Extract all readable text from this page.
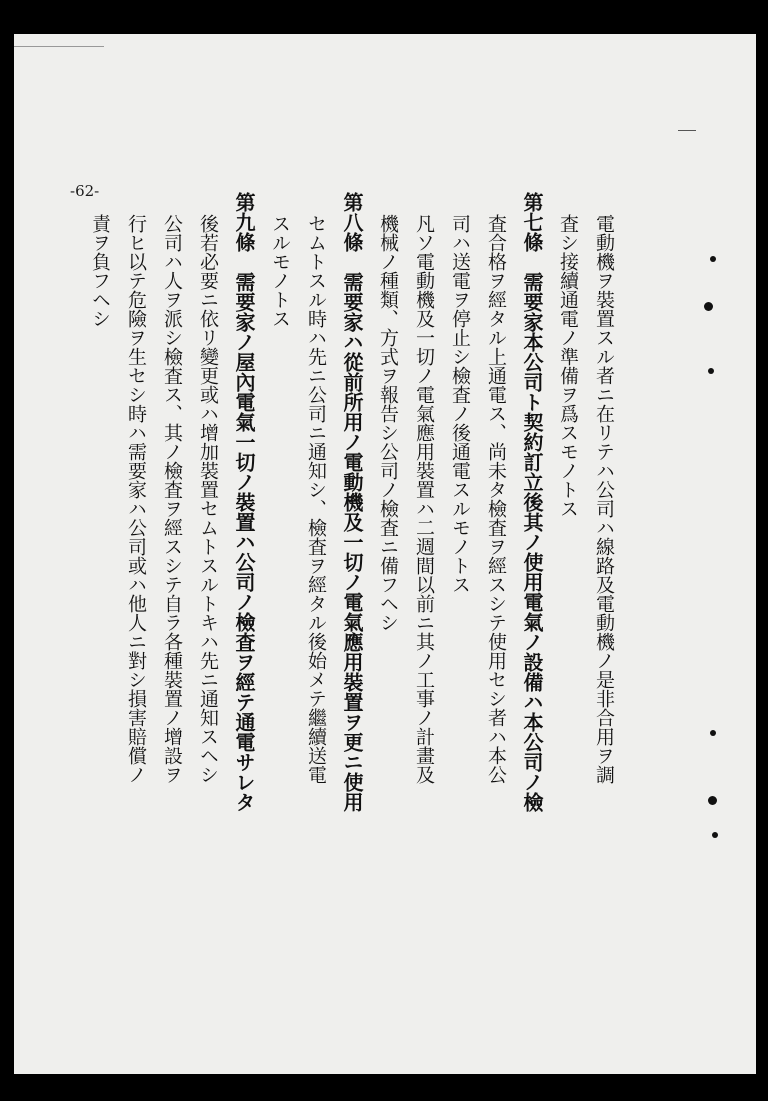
-62-
電動機ヲ裝置スル者ニ在リテハ公司ハ線路及電動機ノ是非合用ヲ調
査シ接續通電ノ準備ヲ爲スモノトス
第七條　需要家本公司ト契約訂立後其ノ使用電氣ノ設備ハ本公司ノ檢
査合格ヲ經タル上通電ス、尚未タ檢査ヲ經スシテ使用セシ者ハ本公
司ハ送電ヲ停止シ檢査ノ後通電スルモノトス
凡ソ電動機及一切ノ電氣應用裝置ハ二週間以前ニ其ノ工事ノ計畫及
機械ノ種類、方式ヲ報告シ公司ノ檢査ニ備フヘシ
第八條　需要家ハ從前所用ノ電動機及一切ノ電氣應用裝置ヲ更ニ使用
セムトスル時ハ先ニ公司ニ通知シ、檢査ヲ經タル後始メテ繼續送電
スルモノトス
第九條　需要家ノ屋內電氣一切ノ裝置ハ公司ノ檢査ヲ經テ通電サレタ
後若必要ニ依リ變更或ハ增加裝置セムトスルトキハ先ニ通知スヘシ
公司ハ人ヲ派シ檢査ス、其ノ檢査ヲ經スシテ自ラ各種裝置ノ增設ヲ
行ヒ以テ危險ヲ生セシ時ハ需要家ハ公司或ハ他人ニ對シ損害賠償ノ
責ヲ負フヘシ
